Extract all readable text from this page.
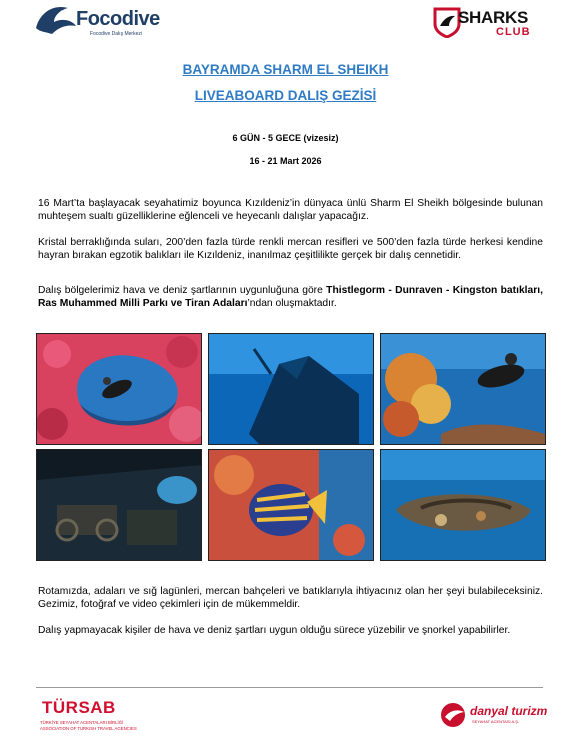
Focodive
Focodive Dalış Merkezi
SHARKS
CLUB
BAYRAMDA SHARM EL SHEIKH
LIVEABOARD DALIŞ GEZİSİ
6 GÜN - 5 GECE (vizesiz)
16 - 21 Mart 2026
16 Mart’ta başlayacak seyahatimiz boyunca Kızıldeniz’in dünyaca ünlü Sharm El Sheikh bölgesinde bulunan muhteşem sualtı güzelliklerine eğlenceli ve heyecanlı dalışlar yapacağız.
Kristal berraklığında suları, 200’den fazla türde renkli mercan resifleri ve 500’den fazla türde herkesi kendine hayran bırakan egzotik balıkları ile Kızıldeniz, inanılmaz çeşitlilikte gerçek bir dalış cennetidir.
Dalış bölgelerimiz hava ve deniz şartlarının uygunluğuna göre Thistlegorm - Dunraven - Kingston batıkları, Ras Muhammed Milli Parkı ve Tiran Adaları’ndan oluşmaktadır.
Rotamızda, adaları ve sığ lagünleri, mercan bahçeleri ve batıklarıyla ihtiyacınız olan her şeyi bulabileceksiniz. Gezimiz, fotoğraf ve video çekimleri için de mükemmeldir.
Dalış yapmayacak kişiler de hava ve deniz şartları uygun olduğu sürece yüzebilir ve şnorkel yapabilirler.
TÜRSAB
TÜRKİYE SEYAHAT ACENTALARI BİRLİĞİ
ASSOCIATION OF TURKISH TRAVEL AGENCIES
danyal turizm
SEYAHAT ACENTASI A.Ş.
